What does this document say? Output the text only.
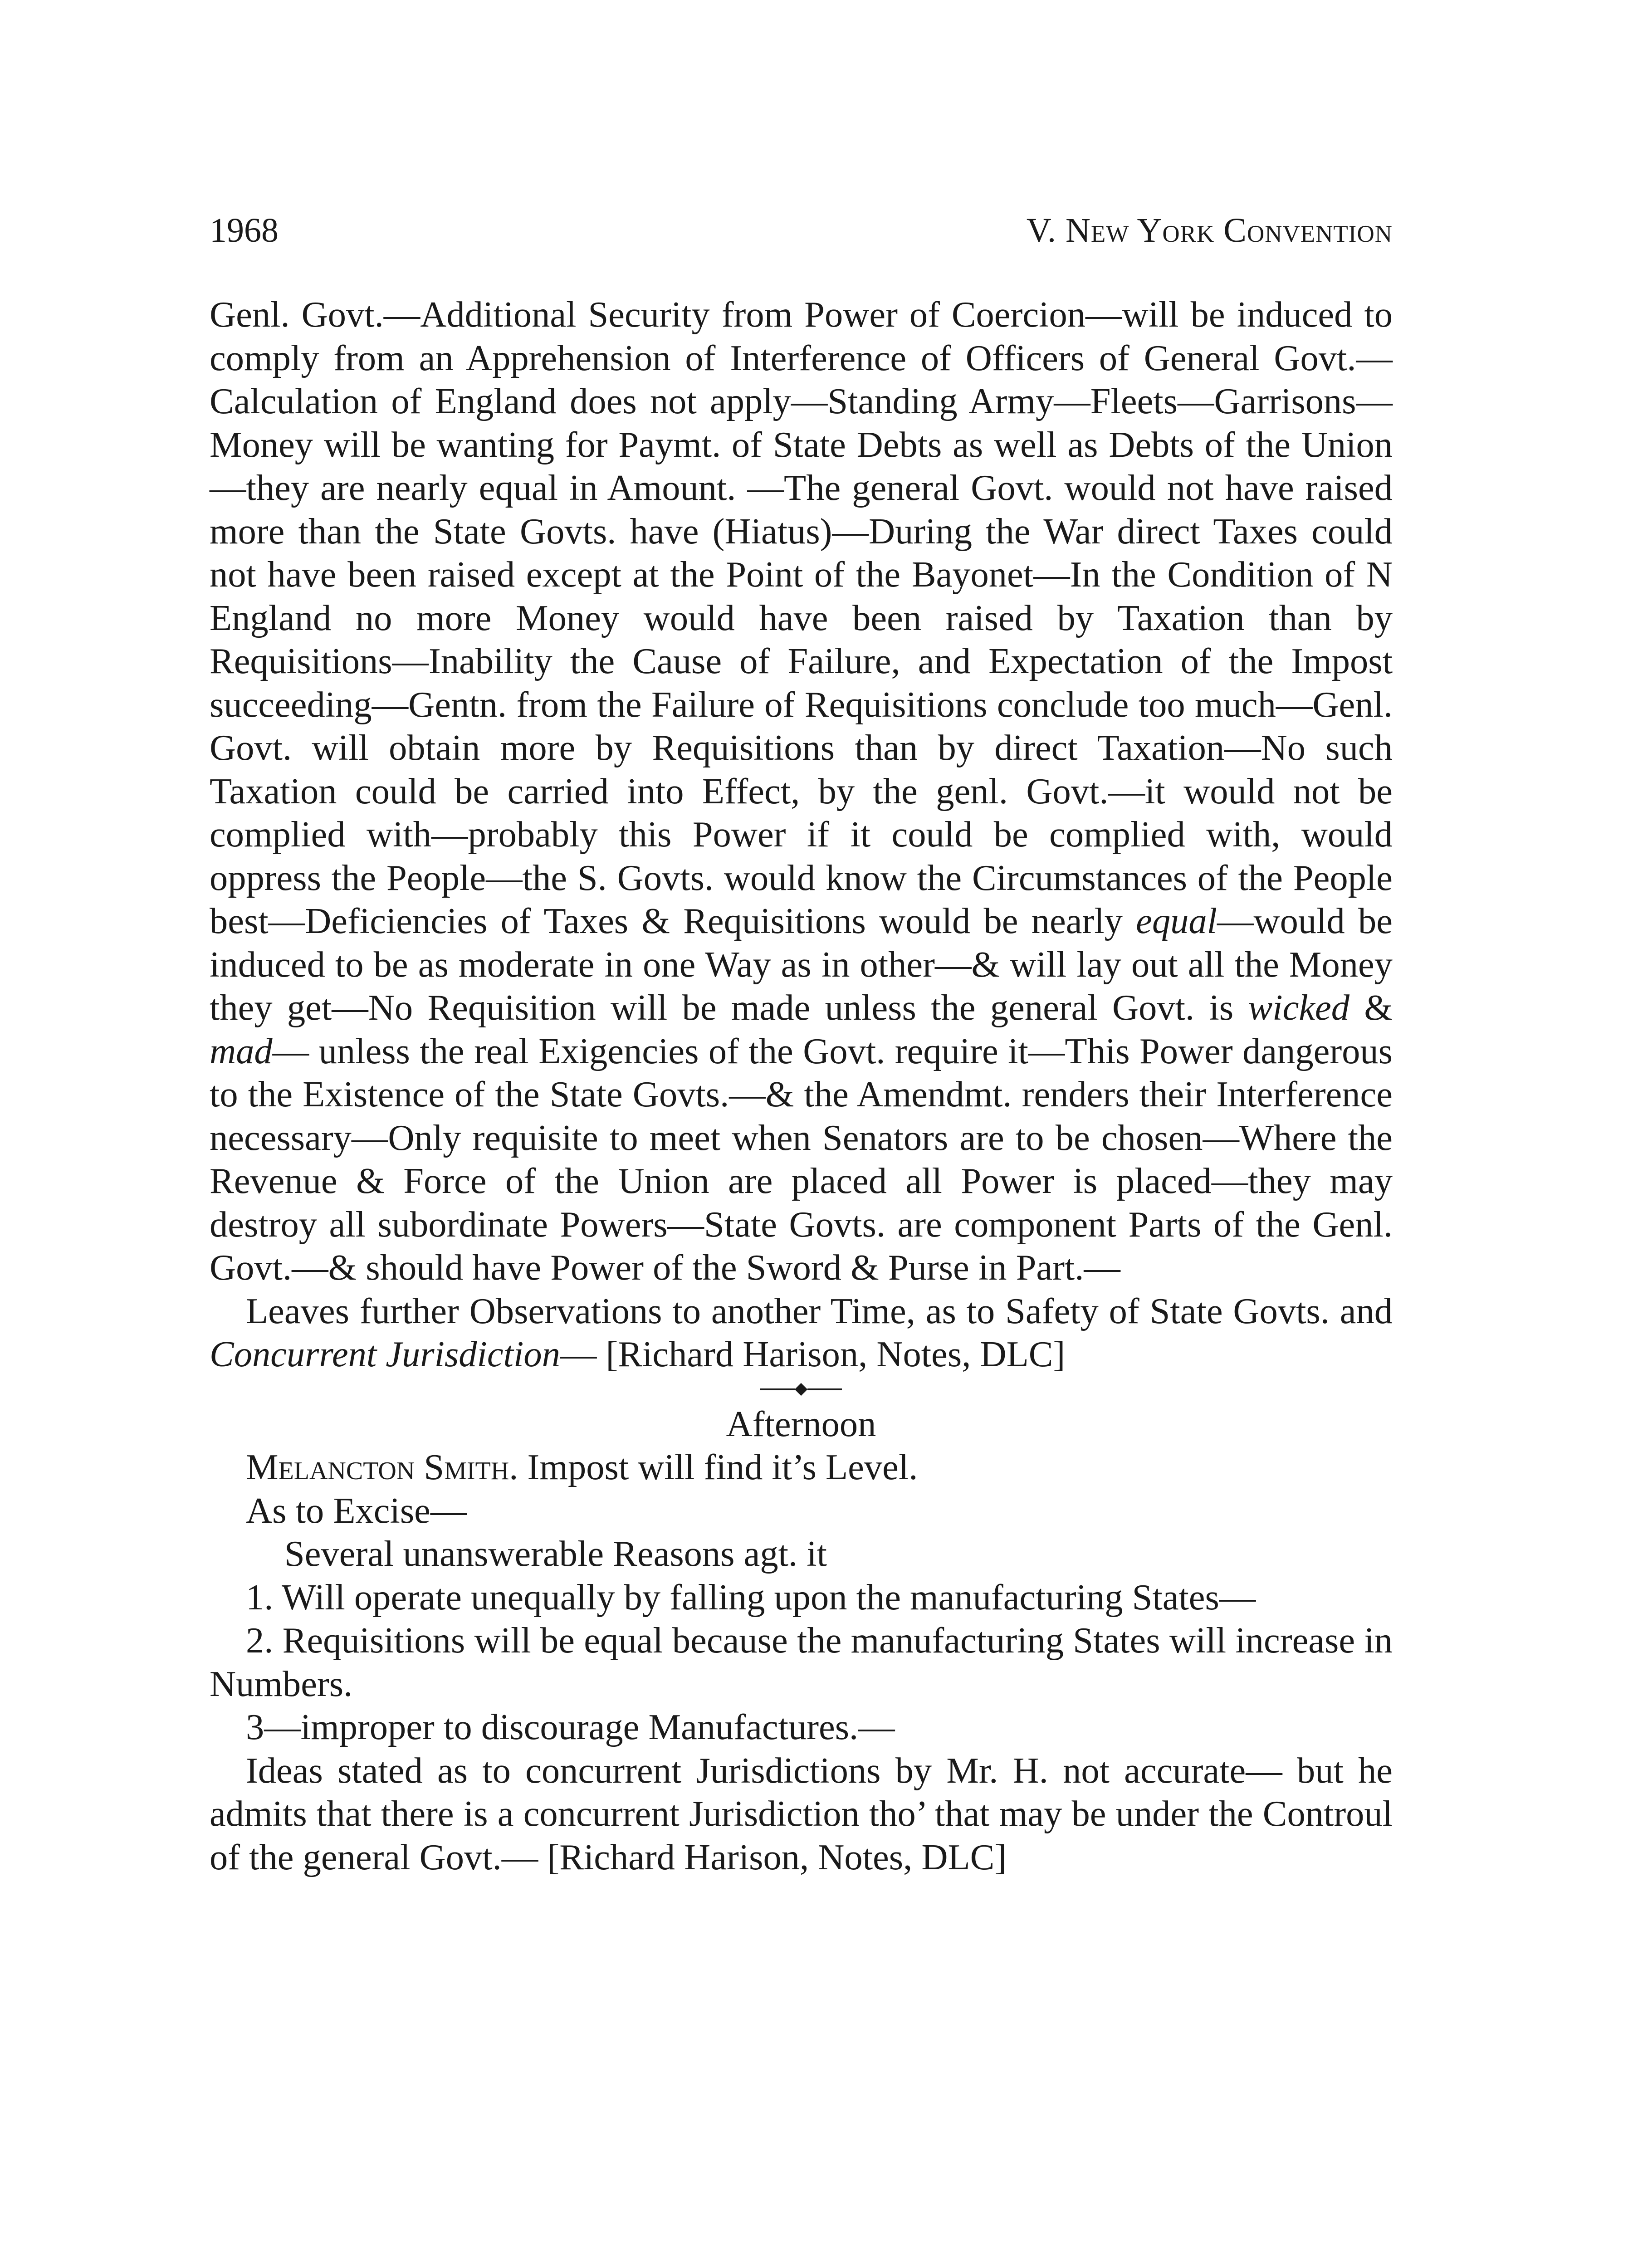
1968	V. New York Convention

Genl. Govt.—Additional Security from Power of Coercion—will be induced to comply from an Apprehension of Interference of Officers of General Govt.—Calculation of England does not apply—Standing Army—Fleets—Garrisons—Money will be wanting for Paymt. of State Debts as well as Debts of the Union—they are nearly equal in Amount. —The general Govt. would not have raised more than the State Govts. have (Hiatus)—During the War direct Taxes could not have been raised except at the Point of the Bayonet—In the Condition of N England no more Money would have been raised by Taxation than by Requisitions—Inability the Cause of Failure, and Expectation of the Impost succeeding—Gentn. from the Failure of Requisitions conclude too much—Genl. Govt. will obtain more by Requisitions than by direct Taxation—No such Taxation could be carried into Effect, by the genl. Govt.—it would not be complied with—probably this Power if it could be complied with, would oppress the People—the S. Govts. would know the Circumstances of the People best—Deficiencies of Taxes & Requisitions would be nearly equal—would be induced to be as moderate in one Way as in other—& will lay out all the Money they get—No Requisition will be made unless the general Govt. is wicked & mad— unless the real Exigencies of the Govt. require it—This Power dangerous to the Existence of the State Govts.—& the Amendmt. renders their Interference necessary—Only requisite to meet when Senators are to be chosen—Where the Revenue & Force of the Union are placed all Power is placed—they may destroy all subordinate Powers—State Govts. are component Parts of the Genl. Govt.—& should have Power of the Sword & Purse in Part.—

Leaves further Observations to another Time, as to Safety of State Govts. and Concurrent Jurisdiction— [Richard Harison, Notes, DLC]

Afternoon

Melancton Smith. Impost will find it’s Level.

As to Excise—

Several unanswerable Reasons agt. it

1. Will operate unequally by falling upon the manufacturing States—

2. Requisitions will be equal because the manufacturing States will increase in Numbers.

3—improper to discourage Manufactures.—

Ideas stated as to concurrent Jurisdictions by Mr. H. not accurate— but he admits that there is a concurrent Jurisdiction tho’ that may be under the Controul of the general Govt.— [Richard Harison, Notes, DLC]
